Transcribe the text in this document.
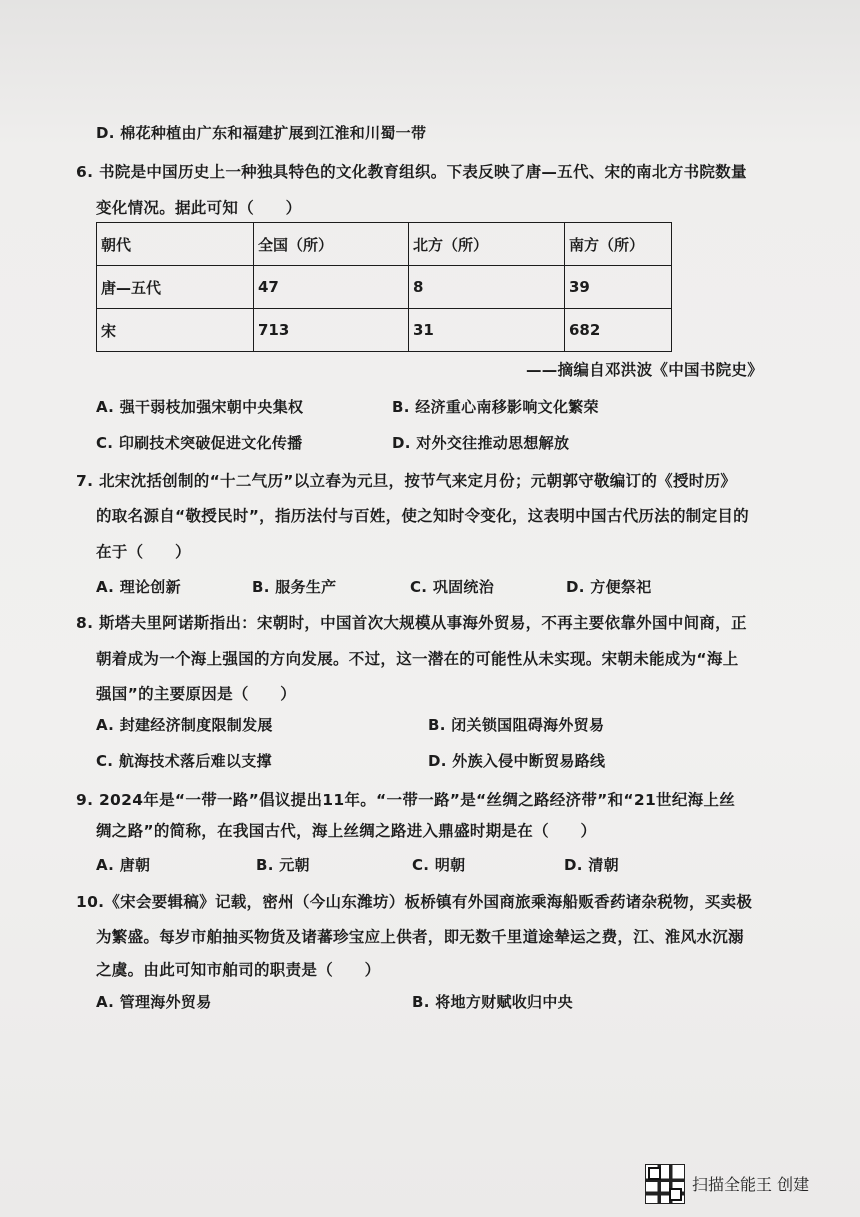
D. 棉花种植由广东和福建扩展到江淮和川蜀一带
6. 书院是中国历史上一种独具特色的文化教育组织。下表反映了唐—五代、宋的南北方书院数量
变化情况。据此可知（　　）
朝代	全国（所）	北方（所）	南方（所）
唐—五代	47	8	39
宋	713	31	682
——摘编自邓洪波《中国书院史》
A. 强干弱枝加强宋朝中央集权	B. 经济重心南移影响文化繁荣
C. 印刷技术突破促进文化传播	D. 对外交往推动思想解放
7. 北宋沈括创制的“十二气历”以立春为元旦，按节气来定月份；元朝郭守敬编订的《授时历》
的取名源自“敬授民时”，指历法付与百姓，使之知时令变化，这表明中国古代历法的制定目的
在于（　　）
A. 理论创新	B. 服务生产	C. 巩固统治	D. 方便祭祀
8. 斯塔夫里阿诺斯指出：宋朝时，中国首次大规模从事海外贸易，不再主要依靠外国中间商，正
朝着成为一个海上强国的方向发展。不过，这一潜在的可能性从未实现。宋朝未能成为“海上
强国”的主要原因是（　　）
A. 封建经济制度限制发展	B. 闭关锁国阻碍海外贸易
C. 航海技术落后难以支撑	D. 外族入侵中断贸易路线
9. 2024年是“一带一路”倡议提出11年。“一带一路”是“丝绸之路经济带”和“21世纪海上丝
绸之路”的简称，在我国古代，海上丝绸之路进入鼎盛时期是在（　　）
A. 唐朝	B. 元朝	C. 明朝	D. 清朝
10.《宋会要辑稿》记载，密州（今山东潍坊）板桥镇有外国商旅乘海船贩香药诸杂税物，买卖极
为繁盛。每岁市舶抽买物货及诸蕃珍宝应上供者，即无数千里道途辇运之费，江、淮风水沉溺
之虞。由此可知市舶司的职责是（　　）
A. 管理海外贸易	B. 将地方财赋收归中央
扫描全能王 创建
